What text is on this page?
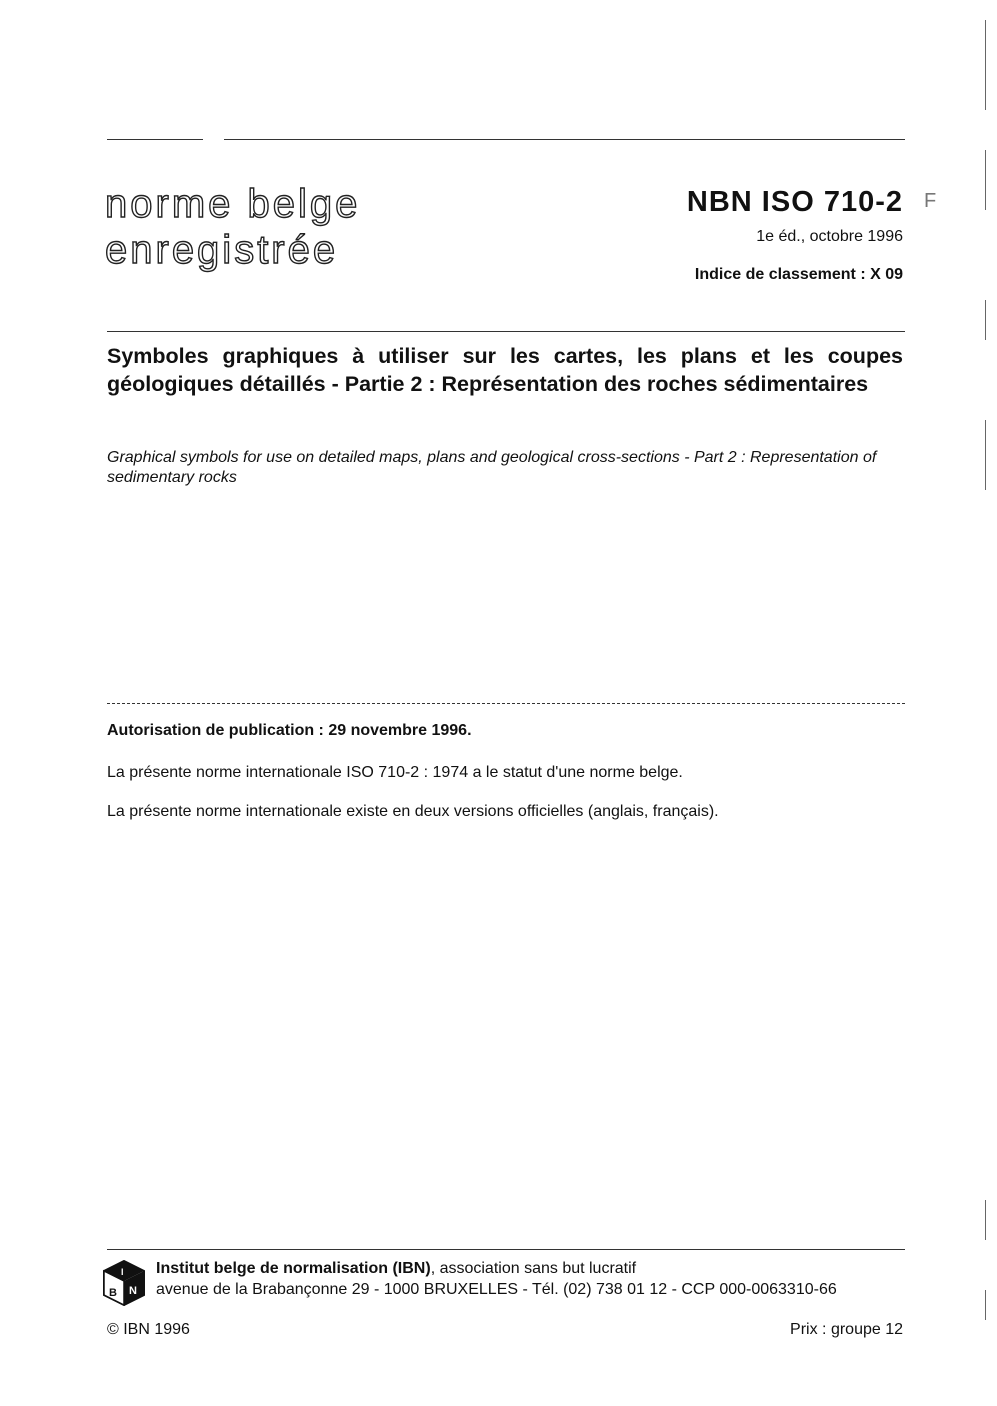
norme belge
enregistrée
NBN ISO 710-2 F
1e éd., octobre 1996
Indice de classement : X 09
Symboles graphiques à utiliser sur les cartes, les plans et les coupes géologiques détaillés - Partie 2 : Représentation des roches sédimentaires
Graphical symbols for use on detailed maps, plans and geological cross-sections - Part 2 : Representation of sedimentary rocks
Autorisation de publication : 29 novembre 1996.
La présente norme internationale ISO 710-2 : 1974 a le statut d'une norme belge.
La présente norme internationale existe en deux versions officielles (anglais, français).
B N
I Institut belge de normalisation (IBN), association sans but lucratif
avenue de la Brabançonne 29 - 1000 BRUXELLES - Tél. (02) 738 01 12 - CCP 000-0063310-66
© IBN 1996	Prix : groupe 12
